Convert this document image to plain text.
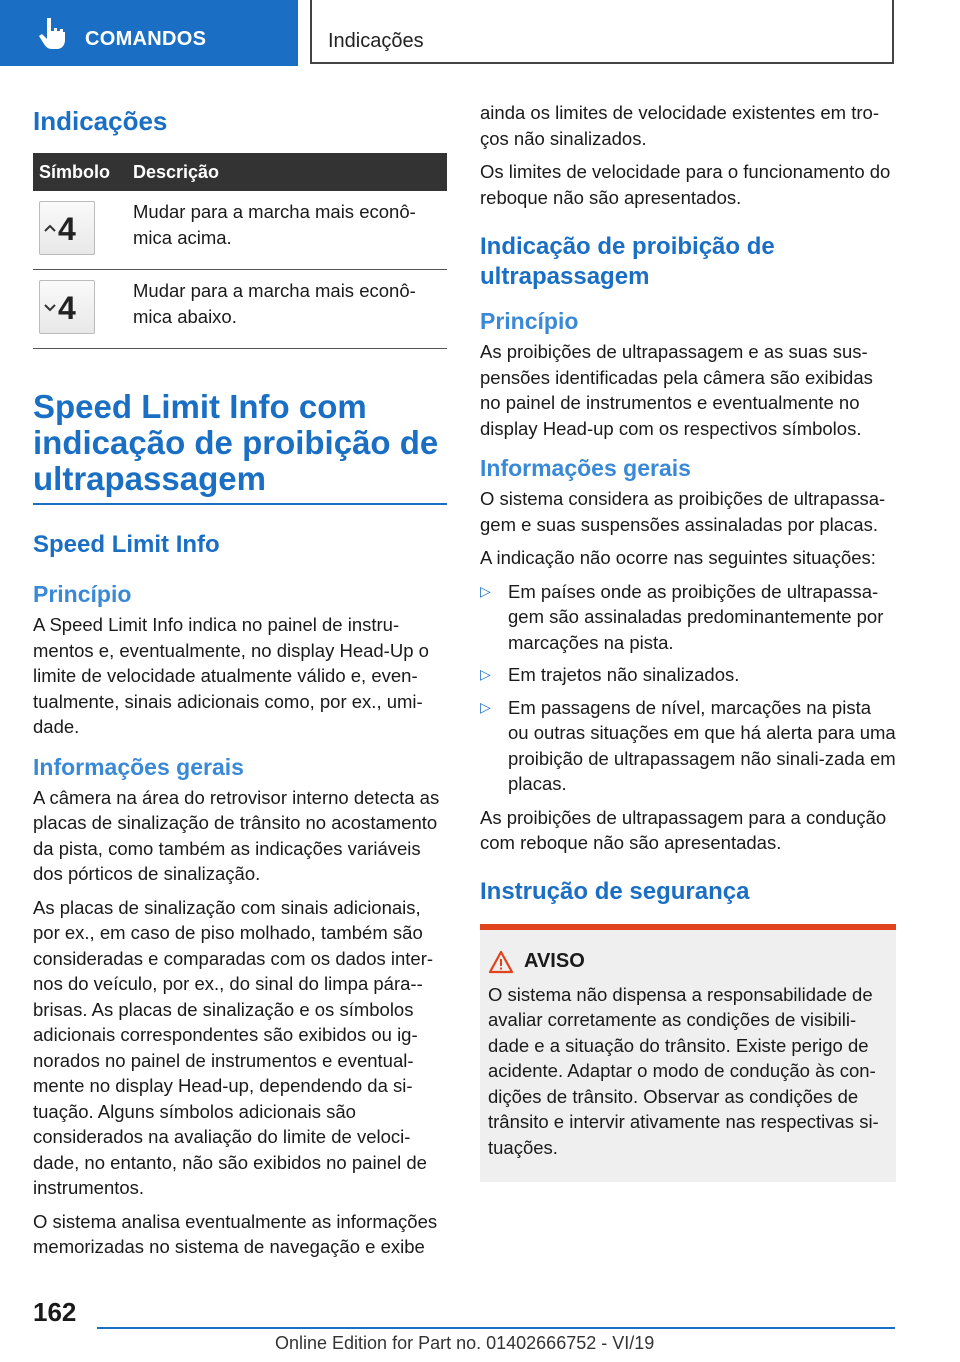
COMANDOS	Indicações
Indicações
Símbolo	Descrição

4	Mudar para a marcha mais econô-mica acima.

4	Mudar para a marcha mais econô-mica abaixo.
Speed Limit Info com indicação de proibição de ultrapassagem
Speed Limit Info
Princípio

A Speed Limit Info indica no painel de instru-mentos e, eventualmente, no display Head-Up o limite de velocidade atualmente válido e, even-tualmente, sinais adicionais como, por ex., umi-dade.

Informações gerais

A câmera na área do retrovisor interno detecta as placas de sinalização de trânsito no acostamento da pista, como também as indicações variáveis dos pórticos de sinalização.

As placas de sinalização com sinais adicionais, por ex., em caso de piso molhado, também são consideradas e comparadas com os dados inter-nos do veículo, por ex., do sinal do limpa pára--brisas. As placas de sinalização e os símbolos adicionais correspondentes são exibidos ou ig-norados no painel de instrumentos e eventual-mente no display Head-up, dependendo da si-tuação. Alguns símbolos adicionais são considerados na avaliação do limite de veloci-dade, no entanto, não são exibidos no painel de instrumentos.

O sistema analisa eventualmente as informações memorizadas no sistema de navegação e exibe

ainda os limites de velocidade existentes em tro-ços não sinalizados.

Os limites de velocidade para o funcionamento do reboque não são apresentados.

Indicação de proibição de ultrapassagem
Princípio

As proibições de ultrapassagem e as suas sus-pensões identificadas pela câmera são exibidas no painel de instrumentos e eventualmente no display Head-up com os respectivos símbolos.

Informações gerais

O sistema considera as proibições de ultrapassa-gem e suas suspensões assinaladas por placas.

A indicação não ocorre nas seguintes situações:

▷ Em países onde as proibições de ultrapassa-gem são assinaladas predominantemente por marcações na pista.
▷ Em trajetos não sinalizados.
▷ Em passagens de nível, marcações na pista ou outras situações em que há alerta para uma proibição de ultrapassagem não sinali-zada em placas.

As proibições de ultrapassagem para a condução com reboque não são apresentadas.

Instrução de segurança
AVISO

O sistema não dispensa a responsabilidade de avaliar corretamente as condições de visibili-dade e a situação do trânsito. Existe perigo de acidente. Adaptar o modo de condução às con-dições de trânsito. Observar as condições de trânsito e intervir ativamente nas respectivas si-tuações.

162
Online Edition for Part no. 01402666752 - VI/19
